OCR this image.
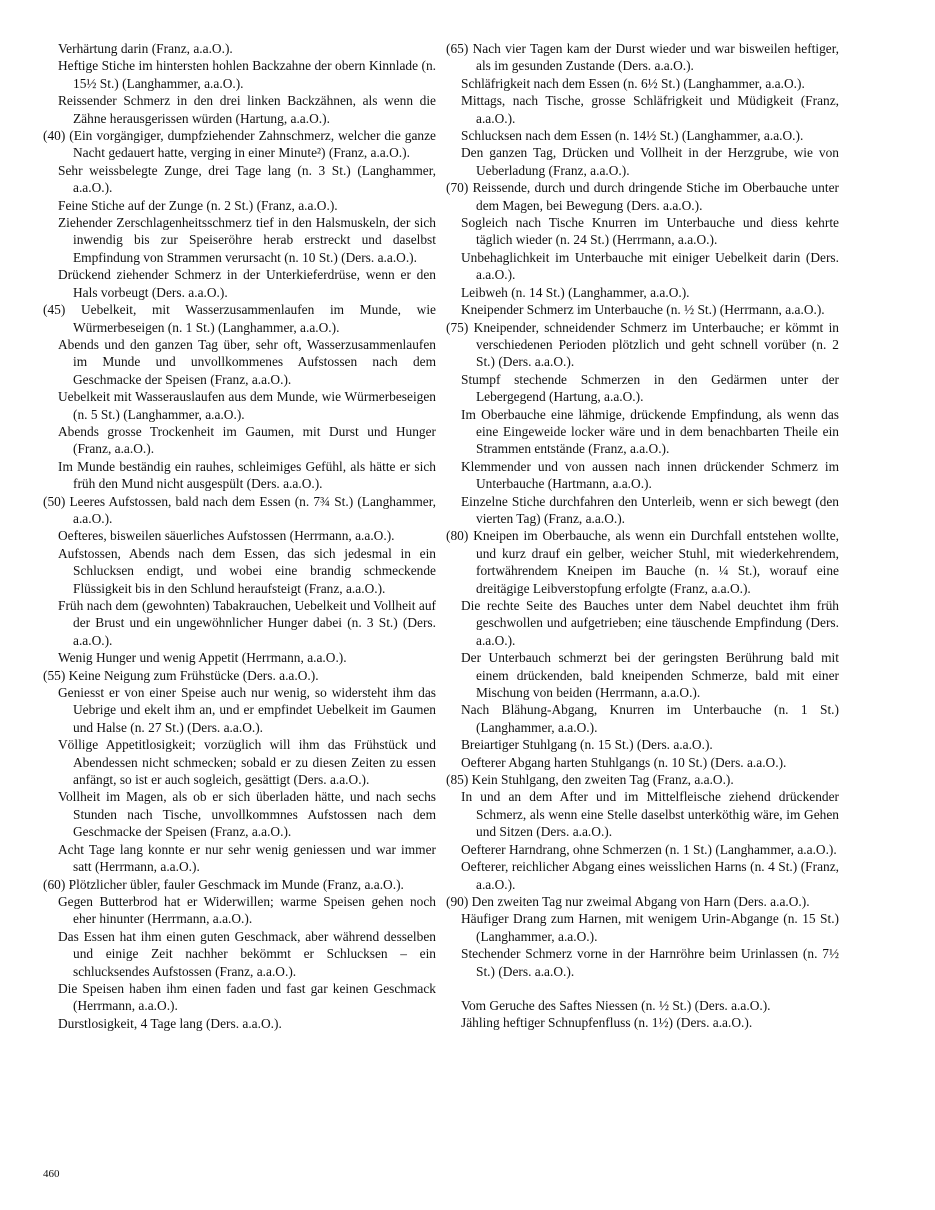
Verhärtung darin (Franz, a.a.O.).

Heftige Stiche im hintersten hohlen Backzahne der obern Kinnlade (n. 15½ St.) (Langhammer, a.a.O.).

Reissender Schmerz in den drei linken Backzähnen, als wenn die Zähne herausgerissen würden (Hartung, a.a.O.).

(40) (Ein vorgängiger, dumpfziehender Zahnschmerz, welcher die ganze Nacht gedauert hatte, verging in einer Minute²) (Franz, a.a.O.).

Sehr weissbelegte Zunge, drei Tage lang (n. 3 St.) (Langhammer, a.a.O.).

Feine Stiche auf der Zunge (n. 2 St.) (Franz, a.a.O.).

Ziehender Zerschlagenheitsschmerz tief in den Halsmuskeln, der sich inwendig bis zur Speiseröhre herab erstreckt und daselbst Empfindung von Strammen verursacht (n. 10 St.) (Ders. a.a.O.).

Drückend ziehender Schmerz in der Unterkieferdrüse, wenn er den Hals vorbeugt (Ders. a.a.O.).

(45) Uebelkeit, mit Wasserzusammenlaufen im Munde, wie Würmerbeseigen (n. 1 St.) (Langhammer, a.a.O.).

Abends und den ganzen Tag über, sehr oft, Wasserzusammenlaufen im Munde und unvollkommenes Aufstossen nach dem Geschmacke der Speisen (Franz, a.a.O.).

Uebelkeit mit Wasserauslaufen aus dem Munde, wie Würmerbeseigen (n. 5 St.) (Langhammer, a.a.O.).

Abends grosse Trockenheit im Gaumen, mit Durst und Hunger (Franz, a.a.O.).

Im Munde beständig ein rauhes, schleimiges Gefühl, als hätte er sich früh den Mund nicht ausgespült (Ders. a.a.O.).

(50) Leeres Aufstossen, bald nach dem Essen (n. 7¾ St.) (Langhammer, a.a.O.).

Oefteres, bisweilen säuerliches Aufstossen (Herrmann, a.a.O.).

Aufstossen, Abends nach dem Essen, das sich jedesmal in ein Schlucksen endigt, und wobei eine brandig schmeckende Flüssigkeit bis in den Schlund heraufsteigt (Franz, a.a.O.).

Früh nach dem (gewohnten) Tabakrauchen, Uebelkeit und Vollheit auf der Brust und ein ungewöhnlicher Hunger dabei (n. 3 St.) (Ders. a.a.O.).

Wenig Hunger und wenig Appetit (Herrmann, a.a.O.).

(55) Keine Neigung zum Frühstücke (Ders. a.a.O.).

Geniesst er von einer Speise auch nur wenig, so widersteht ihm das Uebrige und ekelt ihm an, und er empfindet Uebelkeit im Gaumen und Halse (n. 27 St.) (Ders. a.a.O.).

Völlige Appetitlosigkeit; vorzüglich will ihm das Frühstück und Abendessen nicht schmecken; sobald er zu diesen Zeiten zu essen anfängt, so ist er auch sogleich, gesättigt (Ders. a.a.O.).

Vollheit im Magen, als ob er sich überladen hätte, und nach sechs Stunden nach Tische, unvollkommnes Aufstossen nach dem Geschmacke der Speisen (Franz, a.a.O.).

Acht Tage lang konnte er nur sehr wenig geniessen und war immer satt (Herrmann, a.a.O.).

(60) Plötzlicher übler, fauler Geschmack im Munde (Franz, a.a.O.).

Gegen Butterbrod hat er Widerwillen; warme Speisen gehen noch eher hinunter (Herrmann, a.a.O.).

Das Essen hat ihm einen guten Geschmack, aber während desselben und einige Zeit nachher bekömmt er Schlucksen – ein schlucksendes Aufstossen (Franz, a.a.O.).

Die Speisen haben ihm einen faden und fast gar keinen Geschmack (Herrmann, a.a.O.).

Durstlosigkeit, 4 Tage lang (Ders. a.a.O.).

(65) Nach vier Tagen kam der Durst wieder und war bisweilen heftiger, als im gesunden Zustande (Ders. a.a.O.).

Schläfrigkeit nach dem Essen (n. 6½ St.) (Langhammer, a.a.O.).

Mittags, nach Tische, grosse Schläfrigkeit und Müdigkeit (Franz, a.a.O.).

Schlucksen nach dem Essen (n. 14½ St.) (Langhammer, a.a.O.).

Den ganzen Tag, Drücken und Vollheit in der Herzgrube, wie von Ueberladung (Franz, a.a.O.).

(70) Reissende, durch und durch dringende Stiche im Oberbauche unter dem Magen, bei Bewegung (Ders. a.a.O.).

Sogleich nach Tische Knurren im Unterbauche und diess kehrte täglich wieder (n. 24 St.) (Herrmann, a.a.O.).

Unbehaglichkeit im Unterbauche mit einiger Uebelkeit darin (Ders. a.a.O.).

Leibweh (n. 14 St.) (Langhammer, a.a.O.).

Kneipender Schmerz im Unterbauche (n. ½ St.) (Herrmann, a.a.O.).

(75) Kneipender, schneidender Schmerz im Unterbauche; er kömmt in verschiedenen Perioden plötzlich und geht schnell vorüber (n. 2 St.) (Ders. a.a.O.).

Stumpf stechende Schmerzen in den Gedärmen unter der Lebergegend (Hartung, a.a.O.).

Im Oberbauche eine lähmige, drückende Empfindung, als wenn das eine Eingeweide locker wäre und in dem benachbarten Theile ein Strammen entstände (Franz, a.a.O.).

Klemmender und von aussen nach innen drückender Schmerz im Unterbauche (Hartmann, a.a.O.).

Einzelne Stiche durchfahren den Unterleib, wenn er sich bewegt (den vierten Tag) (Franz, a.a.O.).

(80) Kneipen im Oberbauche, als wenn ein Durchfall entstehen wollte, und kurz drauf ein gelber, weicher Stuhl, mit wiederkehrendem, fortwährendem Kneipen im Bauche (n. ¼ St.), worauf eine dreitägige Leibverstopfung erfolgte (Franz, a.a.O.).

Die rechte Seite des Bauches unter dem Nabel deuchtet ihm früh geschwollen und aufgetrieben; eine täuschende Empfindung (Ders. a.a.O.).

Der Unterbauch schmerzt bei der geringsten Berührung bald mit einem drückenden, bald kneipenden Schmerze, bald mit einer Mischung von beiden (Herrmann, a.a.O.).

Nach Blähung-Abgang, Knurren im Unterbauche (n. 1 St.) (Langhammer, a.a.O.).

Breiartiger Stuhlgang (n. 15 St.) (Ders. a.a.O.).

Oefterer Abgang harten Stuhlgangs (n. 10 St.) (Ders. a.a.O.).

(85) Kein Stuhlgang, den zweiten Tag (Franz, a.a.O.).

In und an dem After und im Mittelfleische ziehend drückender Schmerz, als wenn eine Stelle daselbst unterköthig wäre, im Gehen und Sitzen (Ders. a.a.O.).

Oefterer Harndrang, ohne Schmerzen (n. 1 St.) (Langhammer, a.a.O.).

Oefterer, reichlicher Abgang eines weisslichen Harns (n. 4 St.) (Franz, a.a.O.).

(90) Den zweiten Tag nur zweimal Abgang von Harn (Ders. a.a.O.).

Häufiger Drang zum Harnen, mit wenigem Urin-Abgange (n. 15 St.) (Langhammer, a.a.O.).

Stechender Schmerz vorne in der Harnröhre beim Urinlassen (n. 7½ St.) (Ders. a.a.O.).

Vom Geruche des Saftes Niessen (n. ½ St.) (Ders. a.a.O.).

Jähling heftiger Schnupfenfluss (n. 1½) (Ders. a.a.O.).

460
